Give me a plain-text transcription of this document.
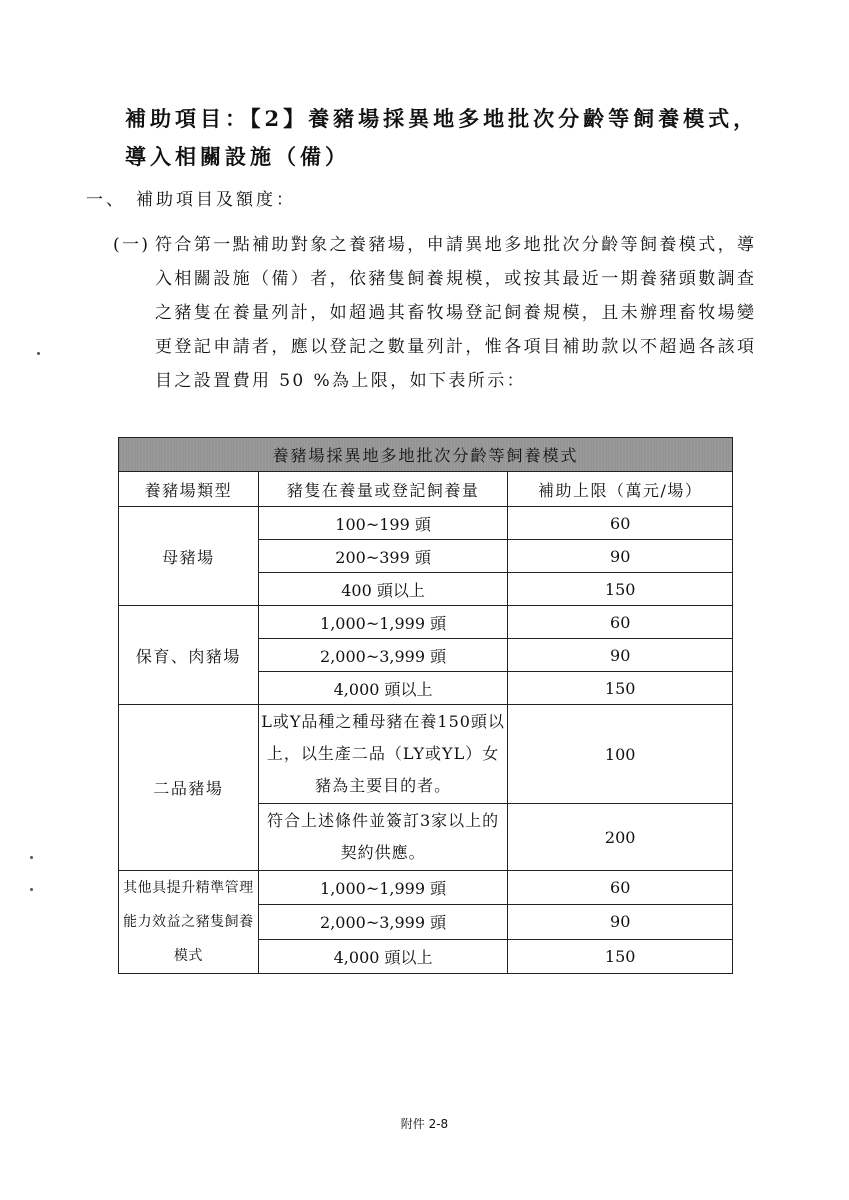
補助項目：【2】養豬場採異地多地批次分齡等飼養模式，
導入相關設施（備）
一、 補助項目及額度：
(一) 符合第一點補助對象之養豬場，申請異地多地批次分齡等飼養模式，導入相關設施（備）者，依豬隻飼養規模，或按其最近一期養豬頭數調查之豬隻在養量列計，如超過其畜牧場登記飼養規模，且未辦理畜牧場變更登記申請者，應以登記之數量列計，惟各項目補助款以不超過各該項目之設置費用 50 %為上限，如下表所示：
養豬場採異地多地批次分齡等飼養模式		
養豬場類型	豬隻在養量或登記飼養量	補助上限（萬元/場）
母豬場	100~199 頭	60
	200~399 頭	90
	400 頭以上	150
保育、肉豬場	1,000~1,999 頭	60
	2,000~3,999 頭	90
	4,000 頭以上	150
二品豬場	L或Y品種之種母豬在養150頭以上，以生產二品（LY或YL）女豬為主要目的者。	100
	符合上述條件並簽訂3家以上的契約供應。	200
其他具提升精準管理能力效益之豬隻飼養模式	1,000~1,999 頭	60
	2,000~3,999 頭	90
	4,000 頭以上	150
附件 2-8
